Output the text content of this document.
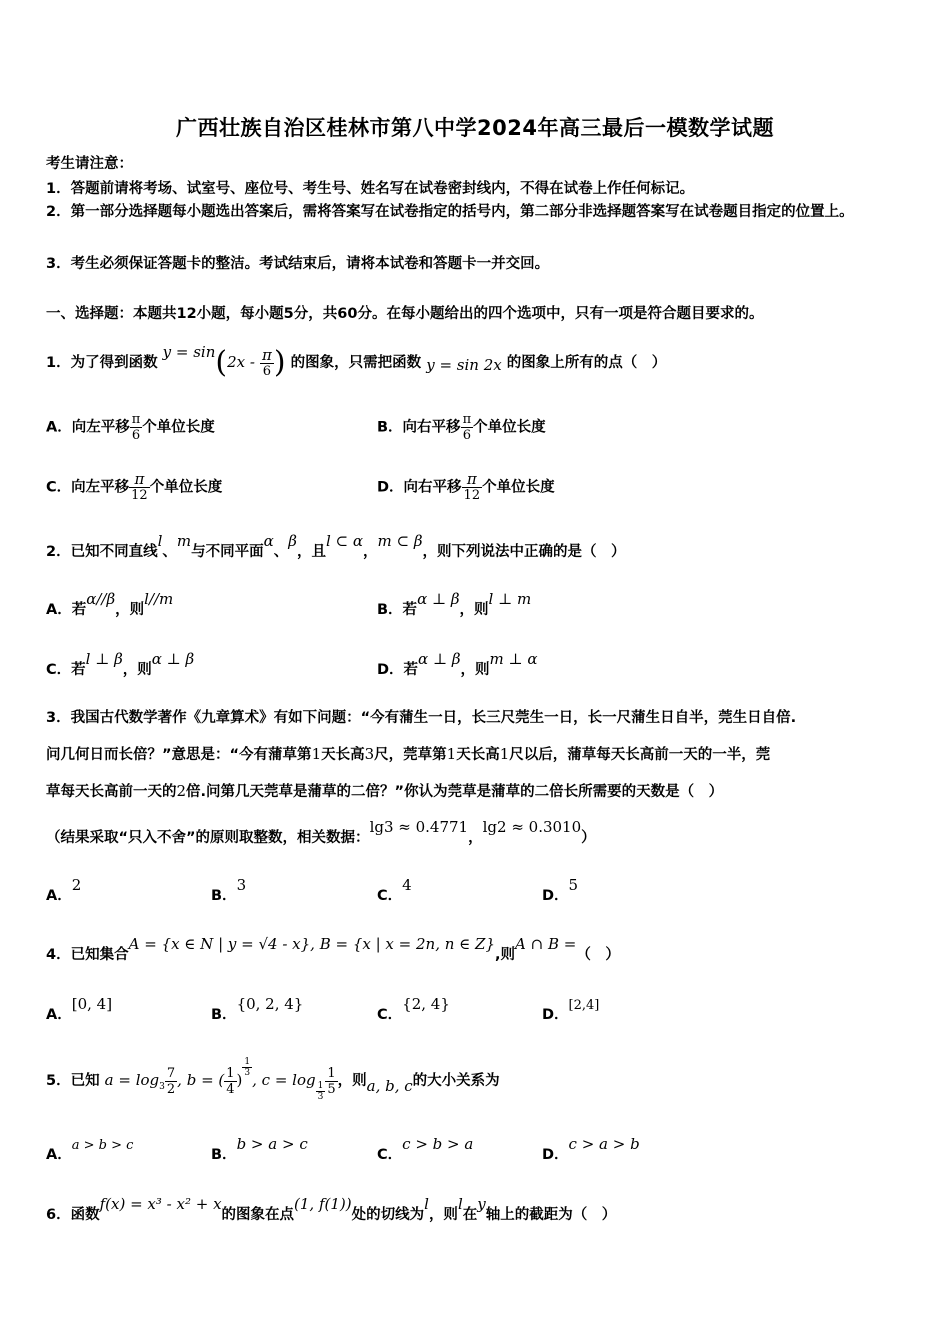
广西壮族自治区桂林市第八中学2024年高三最后一模数学试题
考生请注意：
1．答题前请将考场、试室号、座位号、考生号、姓名写在试卷密封线内，不得在试卷上作任何标记。
2．第一部分选择题每小题选出答案后，需将答案写在试卷指定的括号内，第二部分非选择题答案写在试卷题目指定的位置上。
3．考生必须保证答题卡的整洁。考试结束后，请将本试卷和答题卡一并交回。
一、选择题：本题共12小题，每小题5分，共60分。在每小题给出的四个选项中，只有一项是符合题目要求的。
1．为了得到函数 $y = \sin(2x - \frac{\pi}{6}$ ) 的图象，只需把函数 y = sin 2x 的图象上所有的点（　）
A．向左平移 $\frac{\pi}{6}$ 个单位长度	B．向右平移 $\frac{\pi}{6}$ 个单位长度
C．向左平移 $\frac{\pi}{12}$ 个单位长度	D．向右平移 $\frac{\pi}{12}$ 个单位长度
2．已知不同直线l、m与不同平面α、β，且l ⊂ α，m ⊂ β，则下列说法中正确的是（　）
A．若α//β，则l//m
B．若α ⊥ β，则l ⊥ m
C．若l ⊥ β，则α ⊥ β
D．若α ⊥ β，则m ⊥ α
3．我国古代数学著作《九章算术》有如下问题：“今有蒲生一日，长三尺莞生一日，长一尺蒲生日自半，莞生日自倍.
问几何日而长倍？”意思是：“今有蒲草第1天长高3尺，莞草第1天长高1尺以后，蒲草每天长高前一天的一半，莞
草每天长高前一天的2倍.问第几天莞草是蒲草的二倍？”你认为莞草是蒲草的二倍长所需要的天数是（　）
（结果采取“只入不舍”的原则取整数，相关数据：lg3 ≈ 0.4771，lg2 ≈ 0.3010）
A．2
B．3
C．4
D．5
4．已知集合A = {x ∈ N | y = √4 - x}, B = {x | x = 2n, n ∈ Z},则A ∩ B =（　）
A．[0, 4]
B．{0, 2, 4}
C．{2, 4}
D．[2,4]
5．已知 $a = \log_3 \frac{7}{2}$ , b = ( $\frac{1}{4}$ )
$\frac{1}{3}$
, c = log
$\frac{1}{3} \frac{1}{5}$ ，则a, b, c的大小关系为
A．a > b > c
B．b > a > c
C．c > b > a
D．c > a > b
6．函数f(x) = x³ - x² + x的图象在点(1, f(1))处的切线为l，则l在y轴上的截距为（　）
